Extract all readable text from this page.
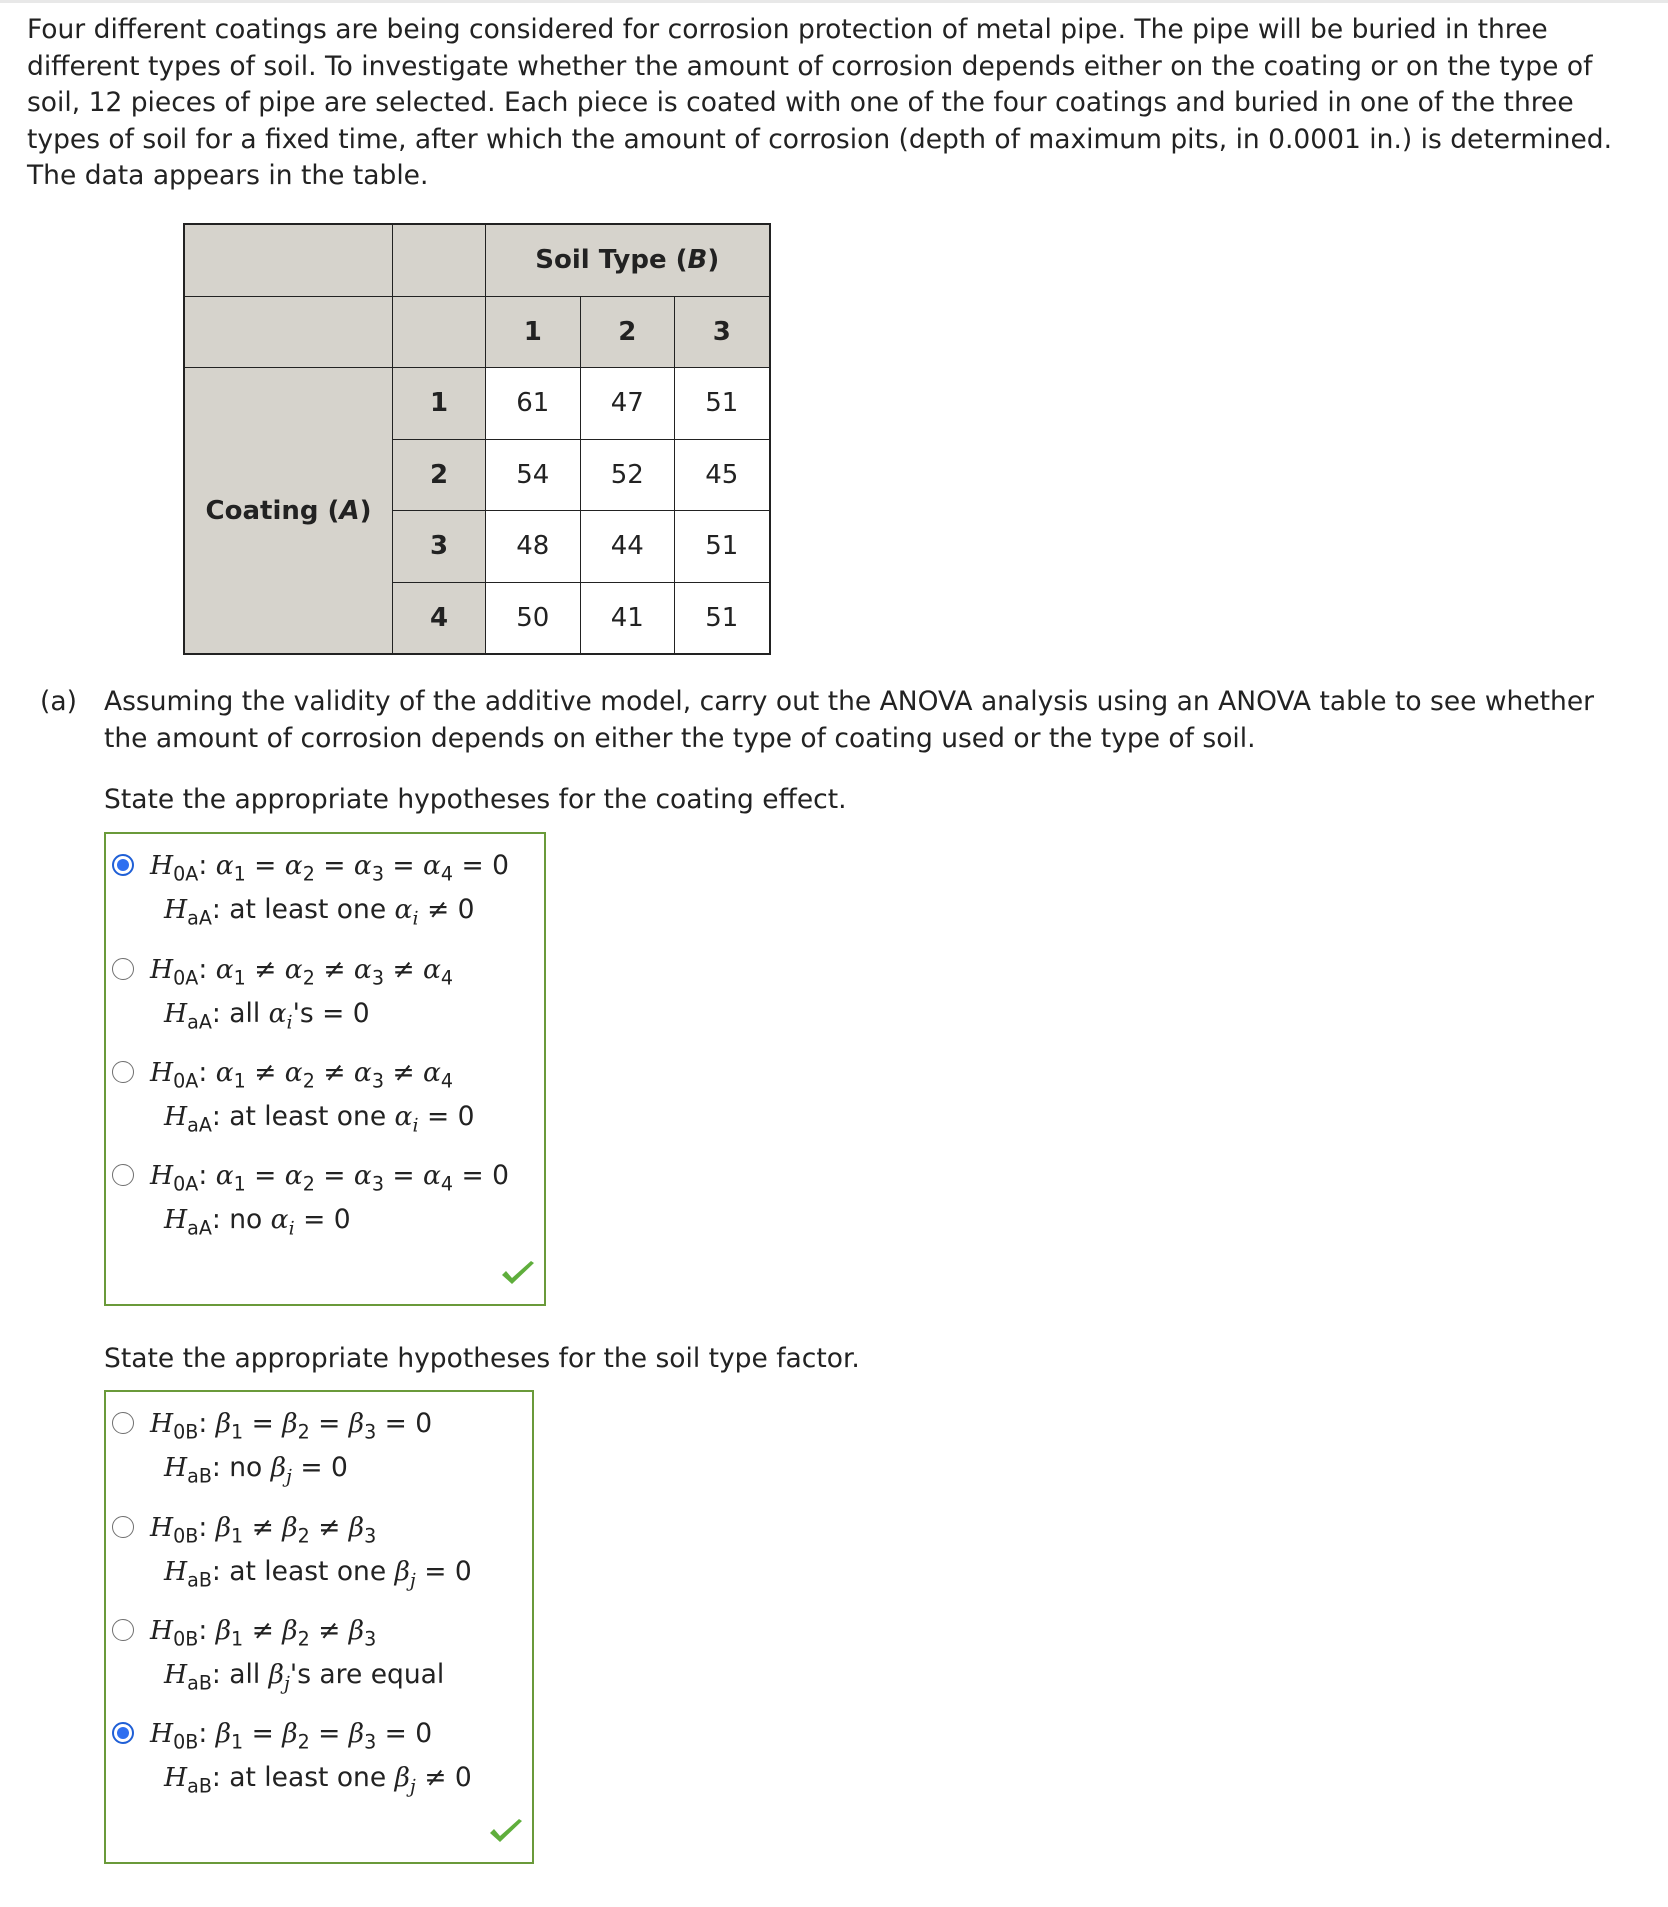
Four different coatings are being considered for corrosion protection of metal pipe. The pipe will be buried in three different types of soil. To investigate whether the amount of corrosion depends either on the coating or on the type of soil, 12 pieces of pipe are selected. Each piece is coated with one of the four coatings and buried in one of the three types of soil for a fixed time, after which the amount of corrosion (depth of maximum pits, in 0.0001 in.) is determined. The data appears in the table.

		Soil Type (B)		
		1	2	3
Coating (A)	1	61	47	51
	2	54	52	45
	3	48	44	51
	4	50	41	51
(a) Assuming the validity of the additive model, carry out the ANOVA analysis using an ANOVA table to see whether the amount of corrosion depends on either the type of coating used or the type of soil.
State the appropriate hypotheses for the coating effect.
$H_{0A}$: $\alpha_1 = \alpha_2 = \alpha_3 = \alpha_4 = 0$
$H_{aA}$: at least one $\alpha_i \ne 0$
$H_{0A}$: $\alpha_1 \ne \alpha_2 \ne \alpha_3 \ne \alpha_4$
$H_{aA}$: all $\alpha_i's = 0$
$H_{0A}$: $\alpha_1 \ne \alpha_2 \ne \alpha_3 \ne \alpha_4$
$H_{aA}$: at least one $\alpha_i = 0$
$H_{0A}$: $\alpha_1 = \alpha_2 = \alpha_3 = \alpha_4 = 0$
$H_{aA}$: no $\alpha_i = 0$
State the appropriate hypotheses for the soil type factor.
$H_{0B}$: $\beta_1 = \beta_2 = \beta_3 = 0$
$H_{aB}$: no $\beta_j = 0$
$H_{0B}$: $\beta_1 \ne \beta_2 \ne \beta_3$
$H_{aB}$: at least one $\beta_j = 0$
$H_{0B}$: $\beta_1 \ne \beta_2 \ne \beta_3$
$H_{aB}$: all $\beta_j's$ are equal
$H_{0B}$: $\beta_1 = \beta_2 = \beta_3 = 0$
$H_{aB}$: at least one $\beta_j \ne 0$
